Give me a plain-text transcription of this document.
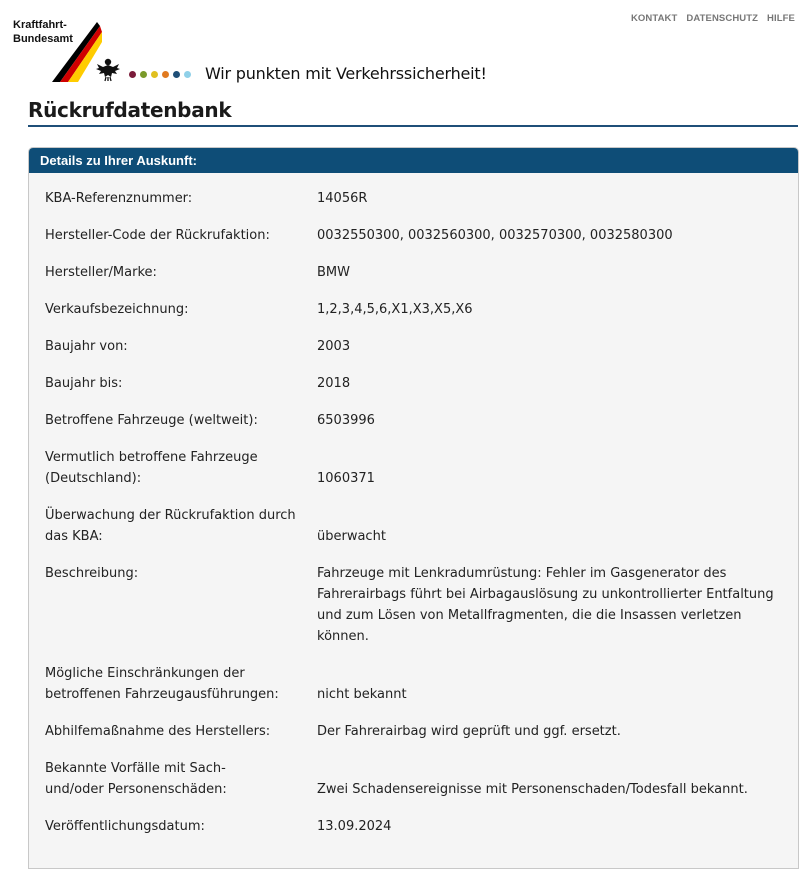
Kraftfahrt-
Bundesamt
Wir punkten mit Verkehrssicherheit!
KONTAKT DATENSCHUTZ HILFE
Rückrufdatenbank
Details zu Ihrer Auskunft:
KBA-Referenznummer:	14056R
Hersteller-Code der Rückrufaktion:	0032550300, 0032560300, 0032570300, 0032580300
Hersteller/Marke:	BMW
Verkaufsbezeichnung:	1,2,3,4,5,6,X1,X3,X5,X6
Baujahr von:	2003
Baujahr bis:	2018
Betroffene Fahrzeuge (weltweit):	6503996
Vermutlich betroffene Fahrzeuge (Deutschland):	1060371
Überwachung der Rückrufaktion durch das KBA:	überwacht
Beschreibung:	Fahrzeuge mit Lenkradumrüstung: Fehler im Gasgenerator des Fahrerairbags führt bei Airbagauslösung zu unkontrollierter Entfaltung und zum Lösen von Metallfragmenten, die die Insassen verletzen können.
Mögliche Einschränkungen der betroffenen Fahrzeugausführungen:	nicht bekannt
Abhilfemaßnahme des Herstellers:	Der Fahrerairbag wird geprüft und ggf. ersetzt.
Bekannte Vorfälle mit Sach- und/oder Personenschäden:	Zwei Schadensereignisse mit Personenschaden/Todesfall bekannt.
Veröffentlichungsdatum:	13.09.2024
